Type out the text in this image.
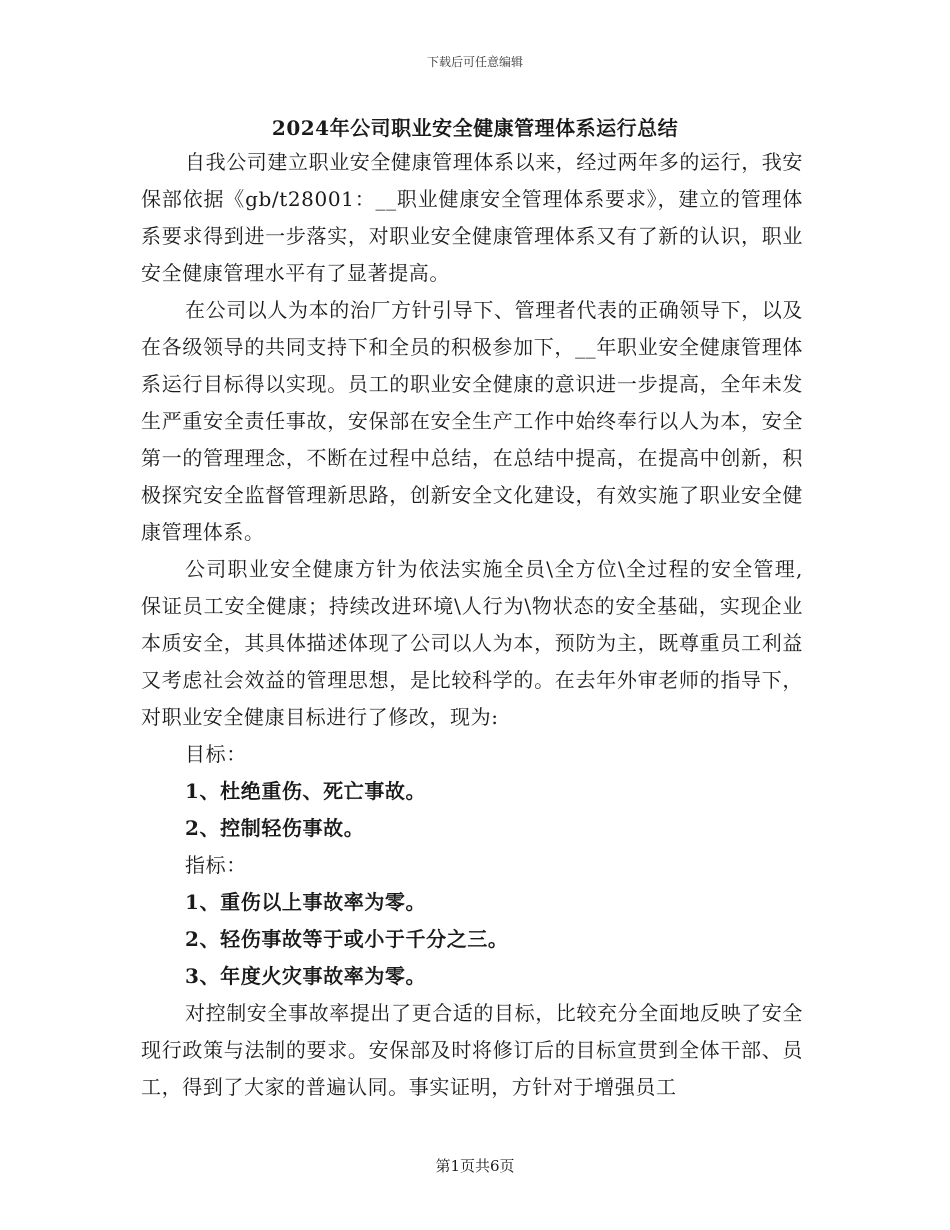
下载后可任意编辑
2024年公司职业安全健康管理体系运行总结

自我公司建立职业安全健康管理体系以来，经过两年多的运行，我安保部依据《gb/t28001：__职业健康安全管理体系要求》，建立的管理体系要求得到进一步落实，对职业安全健康管理体系又有了新的认识，职业安全健康管理水平有了显著提高。

在公司以人为本的治厂方针引导下、管理者代表的正确领导下，以及在各级领导的共同支持下和全员的积极参加下，__年职业安全健康管理体系运行目标得以实现。员工的职业安全健康的意识进一步提高，全年未发生严重安全责任事故，安保部在安全生产工作中始终奉行以人为本，安全第一的管理理念，不断在过程中总结，在总结中提高，在提高中创新，积极探究安全监督管理新思路，创新安全文化建设，有效实施了职业安全健康管理体系。

公司职业安全健康方针为依法实施全员\全方位\全过程的安全管理,保证员工安全健康；持续改进环境\人行为\物状态的安全基础，实现企业本质安全，其具体描述体现了公司以人为本，预防为主，既尊重员工利益又考虑社会效益的管理思想，是比较科学的。在去年外审老师的指导下，对职业安全健康目标进行了修改，现为:

目标：

1、杜绝重伤、死亡事故。

2、控制轻伤事故。

指标：

1、重伤以上事故率为零。

2、轻伤事故等于或小于千分之三。

3、年度火灾事故率为零。

对控制安全事故率提出了更合适的目标，比较充分全面地反映了安全现行政策与法制的要求。安保部及时将修订后的目标宣贯到全体干部、员工，得到了大家的普遍认同。事实证明，方针对于增强员工

第1页共6页
